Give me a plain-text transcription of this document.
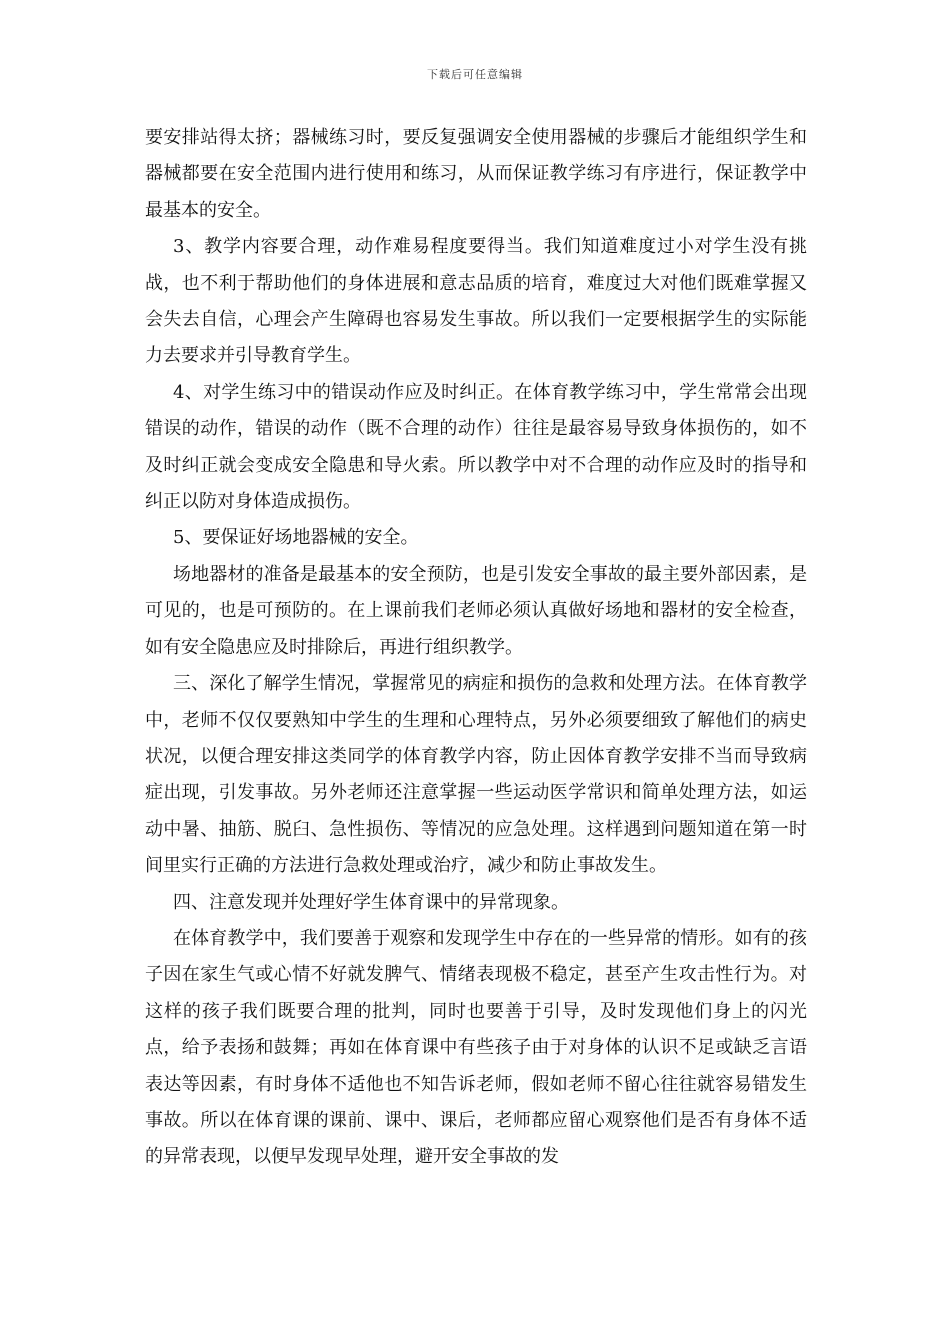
下载后可任意编辑

要安排站得太挤；器械练习时，要反复强调安全使用器械的步骤后才能组织学生和器械都要在安全范围内进行使用和练习，从而保证教学练习有序进行，保证教学中最基本的安全。

3、教学内容要合理，动作难易程度要得当。我们知道难度过小对学生没有挑战，也不利于帮助他们的身体进展和意志品质的培育，难度过大对他们既难掌握又会失去自信，心理会产生障碍也容易发生事故。所以我们一定要根据学生的实际能力去要求并引导教育学生。

4、对学生练习中的错误动作应及时纠正。在体育教学练习中，学生常常会出现错误的动作，错误的动作（既不合理的动作）往往是最容易导致身体损伤的，如不及时纠正就会变成安全隐患和导火索。所以教学中对不合理的动作应及时的指导和纠正以防对身体造成损伤。

5、要保证好场地器械的安全。

场地器材的准备是最基本的安全预防，也是引发安全事故的最主要外部因素，是可见的，也是可预防的。在上课前我们老师必须认真做好场地和器材的安全检查，如有安全隐患应及时排除后，再进行组织教学。

三、深化了解学生情况，掌握常见的病症和损伤的急救和处理方法。在体育教学中，老师不仅仅要熟知中学生的生理和心理特点，另外必须要细致了解他们的病史状况，以便合理安排这类同学的体育教学内容，防止因体育教学安排不当而导致病症出现，引发事故。另外老师还注意掌握一些运动医学常识和简单处理方法，如运动中暑、抽筋、脱臼、急性损伤、等情况的应急处理。这样遇到问题知道在第一时间里实行正确的方法进行急救处理或治疗，减少和防止事故发生。

四、注意发现并处理好学生体育课中的异常现象。

在体育教学中，我们要善于观察和发现学生中存在的一些异常的情形。如有的孩子因在家生气或心情不好就发脾气、情绪表现极不稳定，甚至产生攻击性行为。对这样的孩子我们既要合理的批判，同时也要善于引导，及时发现他们身上的闪光点，给予表扬和鼓舞；再如在体育课中有些孩子由于对身体的认识不足或缺乏言语表达等因素，有时身体不适他也不知告诉老师，假如老师不留心往往就容易错发生事故。所以在体育课的课前、课中、课后，老师都应留心观察他们是否有身体不适的异常表现，以便早发现早处理，避开安全事故的发
